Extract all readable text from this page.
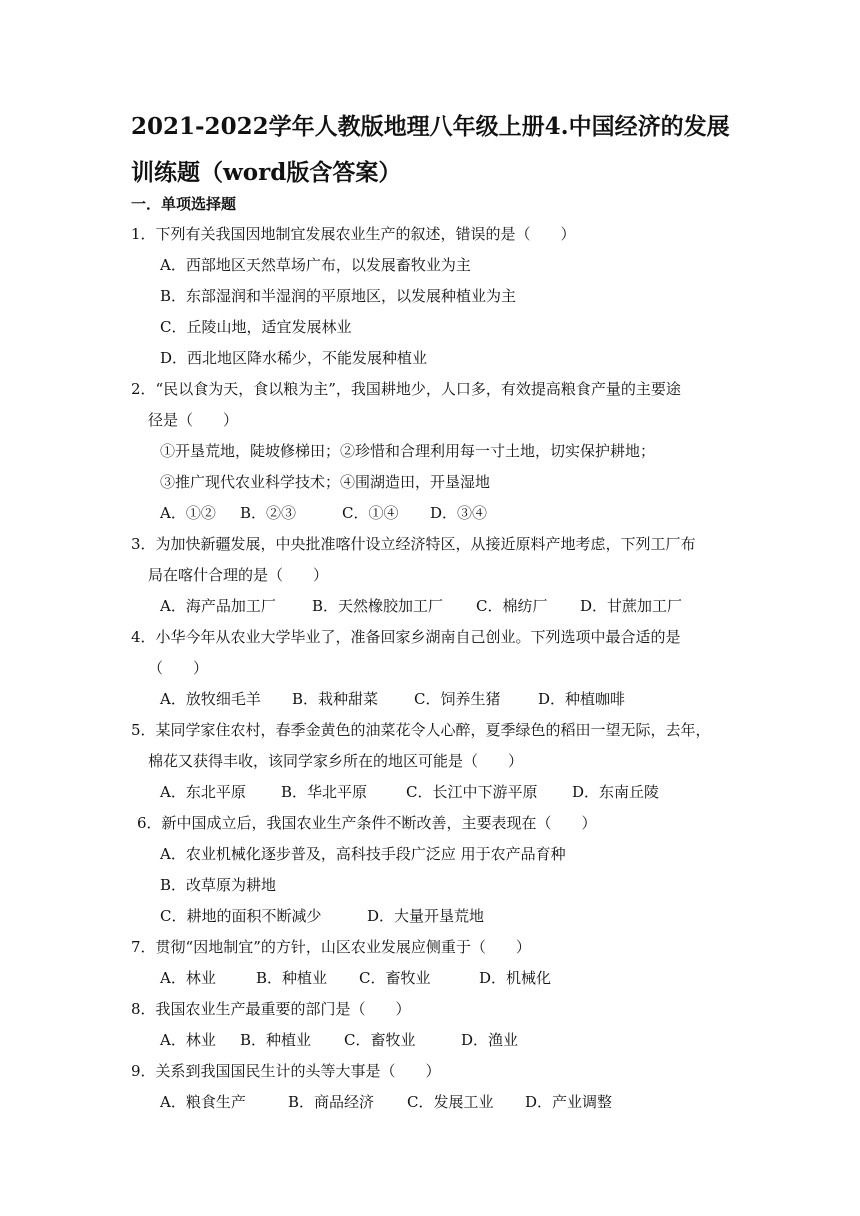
2021-2022学年人教版地理八年级上册4.中国经济的发展训练题（word版含答案）
一．单项选择题
1．下列有关我国因地制宜发展农业生产的叙述，错误的是（　　）
A．西部地区天然草场广布，以发展畜牧业为主
B．东部湿润和半湿润的平原地区，以发展种植业为主
C．丘陵山地，适宜发展林业
D．西北地区降水稀少，不能发展种植业
2．“民以食为天，食以粮为主”，我国耕地少，人口多，有效提高粮食产量的主要途
径是（　　）
①开垦荒地，陡坡修梯田；②珍惜和合理利用每一寸土地，切实保护耕地；
③推广现代农业科学技术；④围湖造田，开垦湿地
A．①② B．②③	C．①④ D．③④
3．为加快新疆发展，中央批准喀什设立经济特区，从接近原料产地考虑，下列工厂布
局在喀什合理的是（　　）
A．海产品加工厂 B．天然橡胶加工厂 C．棉纺厂 D．甘蔗加工厂
4．小华今年从农业大学毕业了，准备回家乡湖南自己创业。下列选项中最合适的是
（　　）
A．放牧细毛羊 B．栽种甜菜 C．饲养生猪	D．种植咖啡
5．某同学家住农村，春季金黄色的油菜花令人心醉，夏季绿色的稻田一望无际，去年，
棉花又获得丰收，该同学家乡所在的地区可能是（　　）
A．东北平原 B．华北平原	C．长江中下游平原 D．东南丘陵
6．新中国成立后，我国农业生产条件不断改善，主要表现在（　　）
A．农业机械化逐步普及，高科技手段广泛应 用于农产品育种
B．改草原为耕地
C．耕地的面积不断减少	D．大量开垦荒地
7．贯彻“因地制宜”的方针，山区农业发展应侧重于（　　）
A．林业	B．种植业 C．畜牧业	D．机械化
8．我国农业生产最重要的部门是（　　）
A．林业 B．种植业 C．畜牧业	D．渔业
9．关系到我国国民生计的头等大事是（　　）
A．粮食生产	B．商品经济 C．发展工业 D．产业调整
